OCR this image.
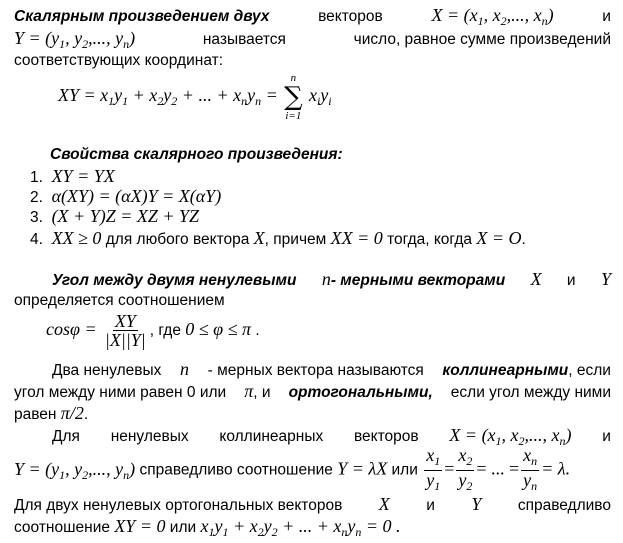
Скалярным произведением двух	векторов	$X = (x_1$, $x_2$,..., $x_n$)	и
$Y = (y_1$, $y_2$,..., $y_n$)	называется	число, равное сумме произведений
соответствующих координат:
XY = $x_1y_1 + x_2y_2$ + ... + $x_ny_n$ =
n
∑
i=1
$x_iy_i$
Свойства скалярного произведения:
1. XY = YX
2. α(XY) = (αX)Y = X(αY)
3. (X + Y)Z = XZ + YZ
4. XX ≥ 0 для любого вектора X, причем XX = 0 тогда, когда X = O.
Угол между двумя ненулевыми n- мерными векторами X и Y
определяется соотношением
$\cos\varphi = \frac{XY}{|X||Y|}$ , где 0 ≤ φ ≤ π .
Два ненулевых n - мерных вектора называются коллинеарными, если
угол между ними равен 0 или π, и ортогональными, если угол между ними
равен π/2.
Для ненулевых коллинеарных векторов $X = (x_1$, $x_2$,..., $x_n$) и
$Y = (y_1$, $y_2$,..., $y_n$) справедливо соотношение Y = λX или $\frac{x_1}{y_1} = \frac{x_2}{y_2}$ = ... = $\frac{x_n}{y_n} = \lambda$.
Для двух ненулевых ортогональных векторов X и Y справедливо
соотношение XY = 0 или $x_1y_1 + x_2y_2$ + ... + $x_ny_n = 0$ .
